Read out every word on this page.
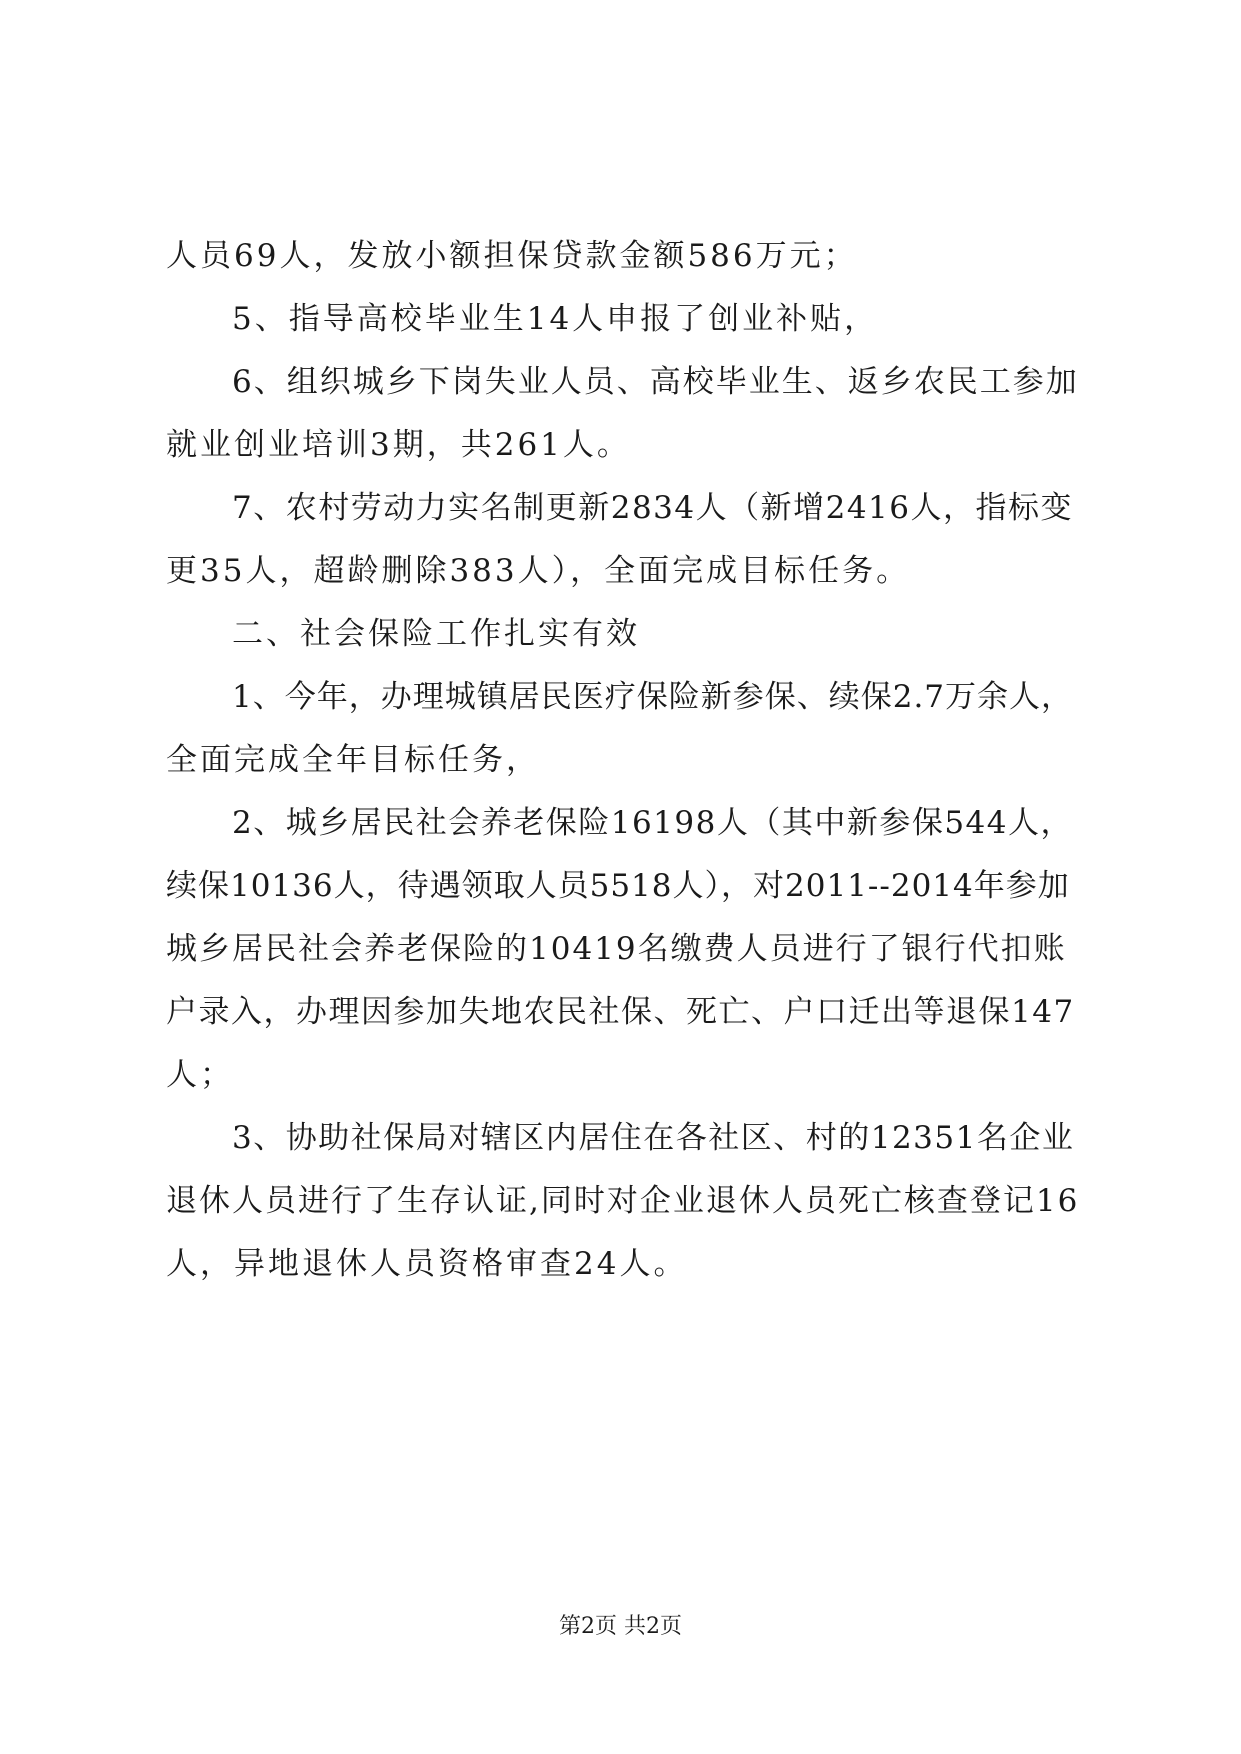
人员69人，发放小额担保贷款金额586万元；
5、指导高校毕业生14人申报了创业补贴，
6、组织城乡下岗失业人员、高校毕业生、返乡农民工参加
就业创业培训3期，共261人。
7、农村劳动力实名制更新2834人（新增2416人，指标变
更35人，超龄删除383人），全面完成目标任务。
二、社会保险工作扎实有效
1、今年，办理城镇居民医疗保险新参保、续保2.7万余人，
全面完成全年目标任务，
2、城乡居民社会养老保险16198人（其中新参保544人，
续保10136人，待遇领取人员5518人），对2011--2014年参加
城乡居民社会养老保险的10419名缴费人员进行了银行代扣账
户录入，办理因参加失地农民社保、死亡、户口迁出等退保147
人；
3、协助社保局对辖区内居住在各社区、村的12351名企业
退休人员进行了生存认证,同时对企业退休人员死亡核查登记16
人，异地退休人员资格审查24人。
第2页 共2页
